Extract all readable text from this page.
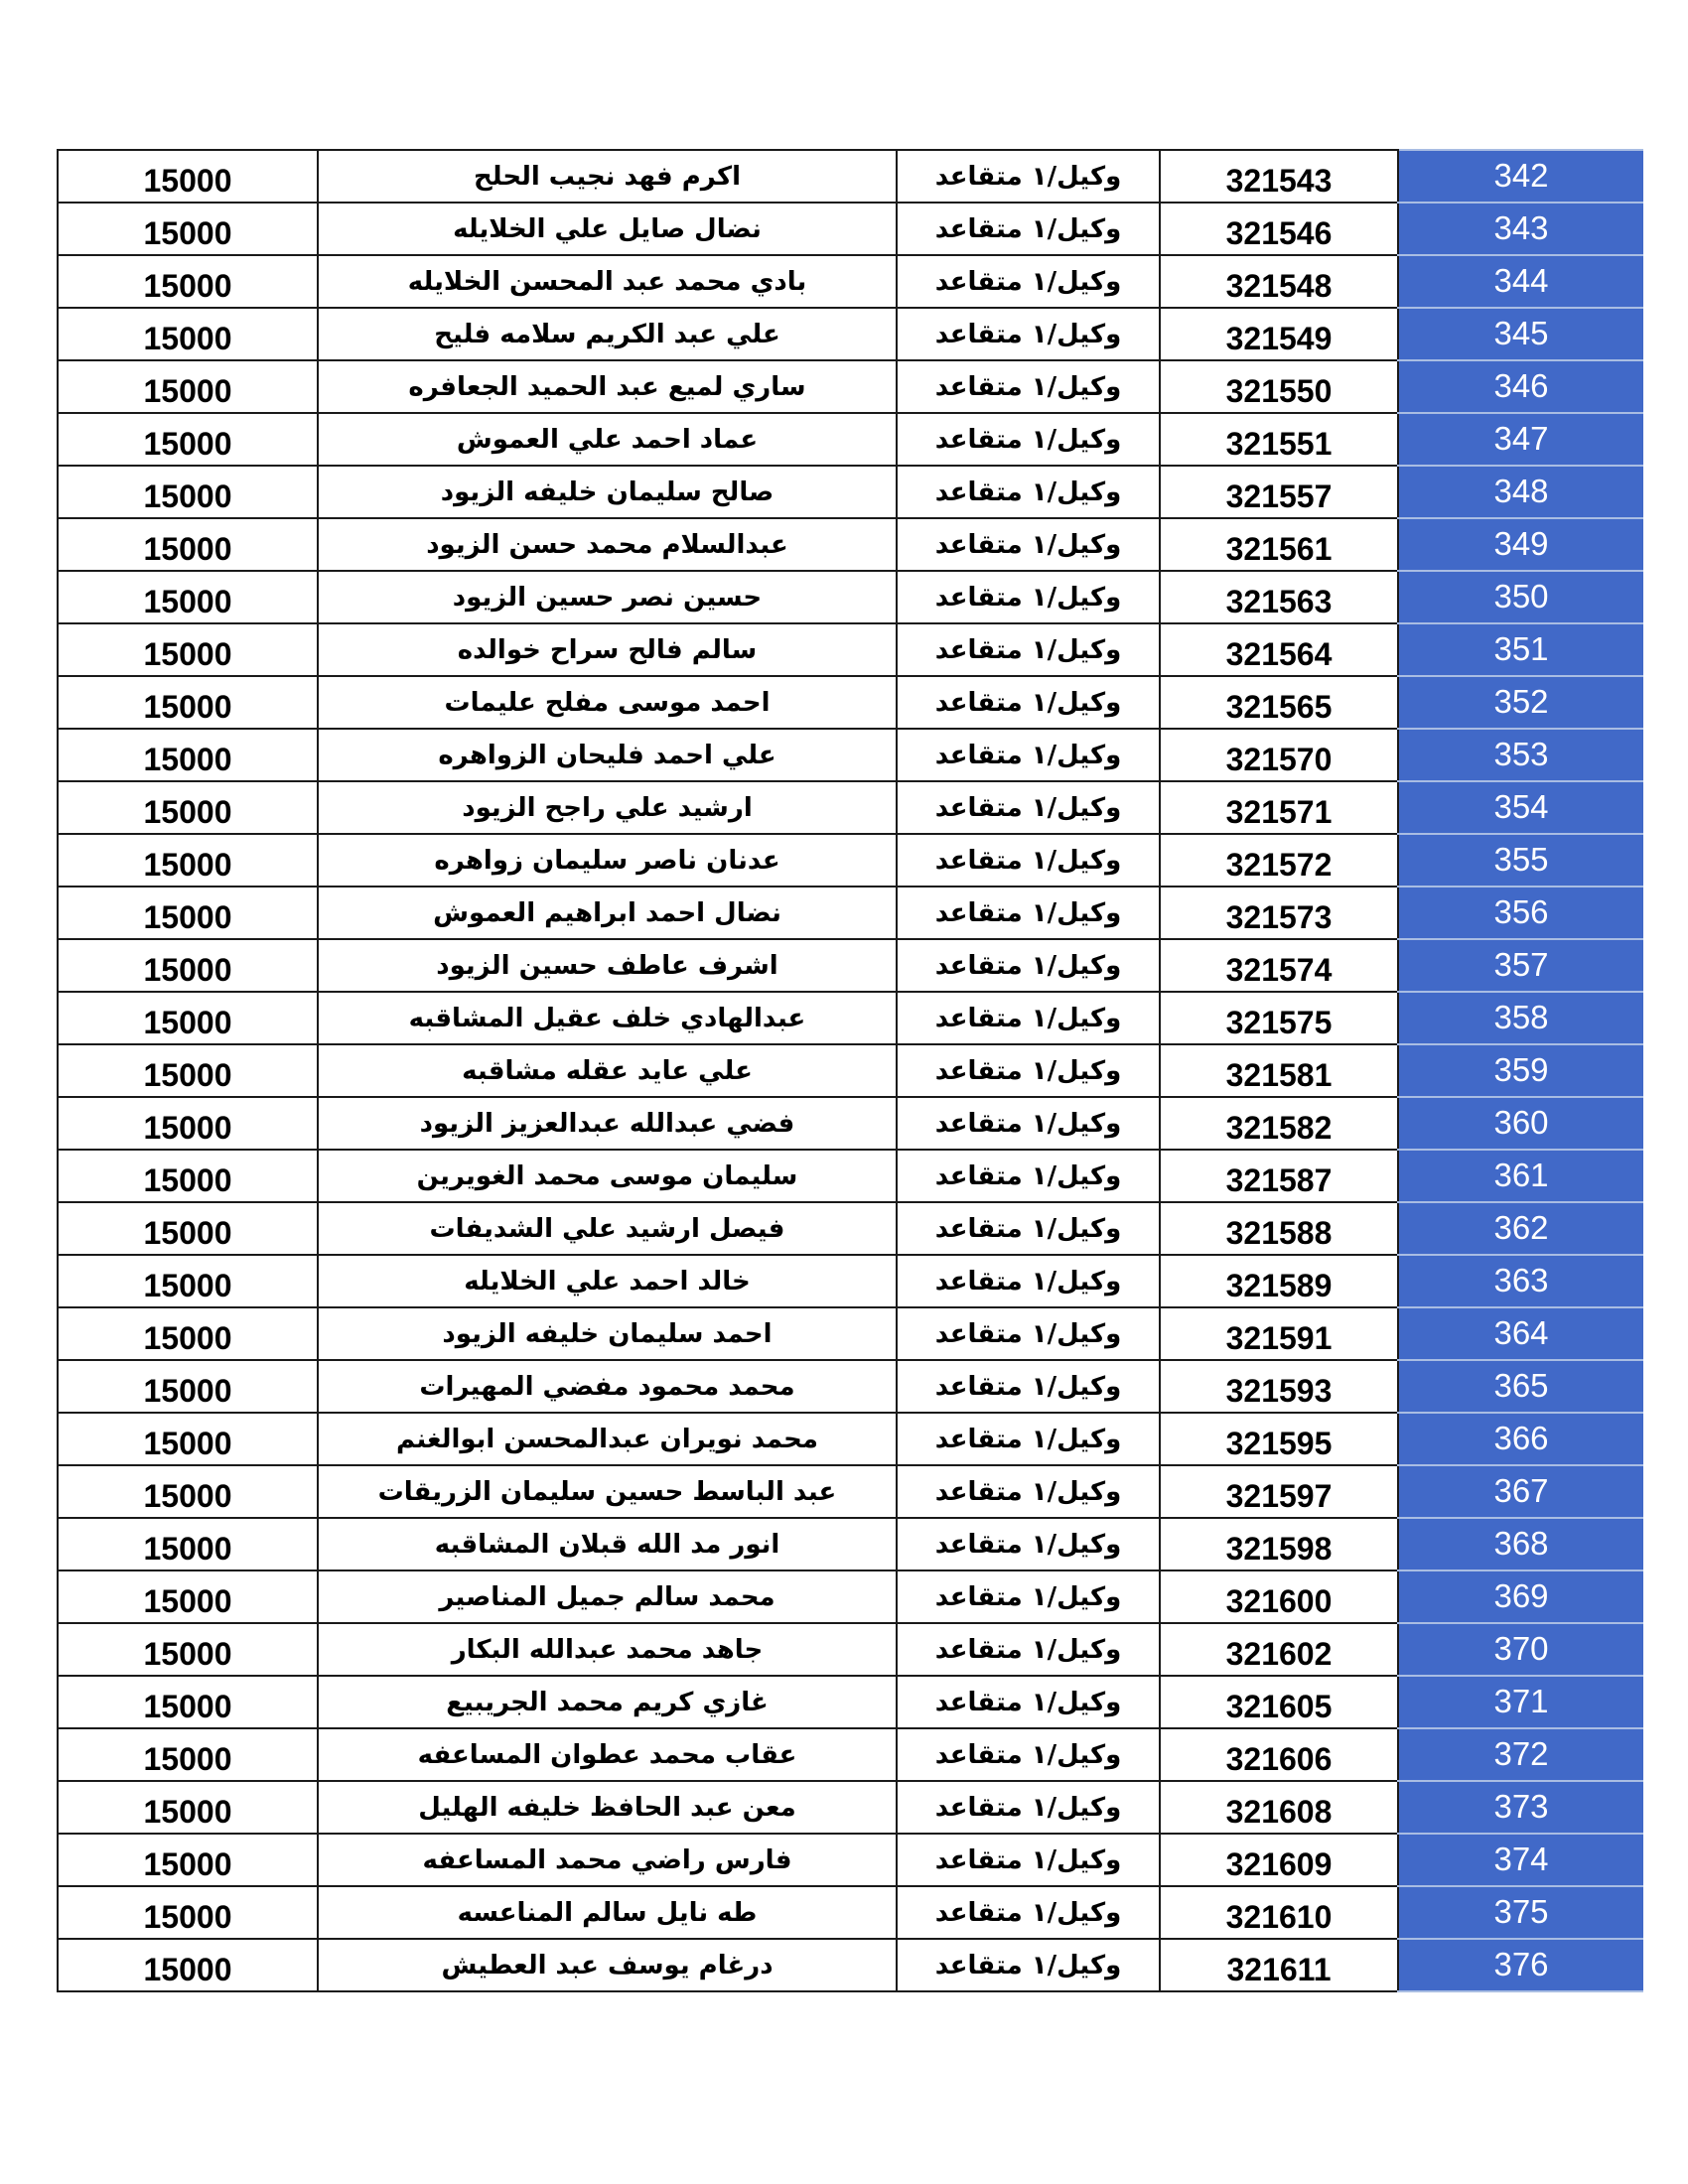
342	321543	وكيل/١ متقاعد	اكرم فهد نجيب الحلح	15000
343	321546	وكيل/١ متقاعد	نضال صايل علي الخلايله	15000
344	321548	وكيل/١ متقاعد	بادي محمد عبد المحسن الخلايله	15000
345	321549	وكيل/١ متقاعد	علي عبد الكريم سلامه فليح	15000
346	321550	وكيل/١ متقاعد	ساري لميع عبد الحميد الجعافره	15000
347	321551	وكيل/١ متقاعد	عماد احمد علي العموش	15000
348	321557	وكيل/١ متقاعد	صالح سليمان خليفه الزيود	15000
349	321561	وكيل/١ متقاعد	عبدالسلام محمد حسن الزيود	15000
350	321563	وكيل/١ متقاعد	حسين نصر حسين الزيود	15000
351	321564	وكيل/١ متقاعد	سالم فالح سراح خوالده	15000
352	321565	وكيل/١ متقاعد	احمد موسى مفلح عليمات	15000
353	321570	وكيل/١ متقاعد	علي احمد فليحان الزواهره	15000
354	321571	وكيل/١ متقاعد	ارشيد علي راجح الزيود	15000
355	321572	وكيل/١ متقاعد	عدنان ناصر سليمان زواهره	15000
356	321573	وكيل/١ متقاعد	نضال احمد ابراهيم العموش	15000
357	321574	وكيل/١ متقاعد	اشرف عاطف حسين الزيود	15000
358	321575	وكيل/١ متقاعد	عبدالهادي خلف عقيل المشاقبه	15000
359	321581	وكيل/١ متقاعد	علي عايد عقله مشاقبه	15000
360	321582	وكيل/١ متقاعد	فضي عبدالله عبدالعزيز الزيود	15000
361	321587	وكيل/١ متقاعد	سليمان موسى محمد الغويرين	15000
362	321588	وكيل/١ متقاعد	فيصل ارشيد علي الشديفات	15000
363	321589	وكيل/١ متقاعد	خالد احمد علي الخلايله	15000
364	321591	وكيل/١ متقاعد	احمد سليمان خليفه الزيود	15000
365	321593	وكيل/١ متقاعد	محمد محمود مفضي المهيرات	15000
366	321595	وكيل/١ متقاعد	محمد نويران عبدالمحسن ابوالغنم	15000
367	321597	وكيل/١ متقاعد	عبد الباسط حسين سليمان الزريقات	15000
368	321598	وكيل/١ متقاعد	انور مد الله قبلان المشاقبه	15000
369	321600	وكيل/١ متقاعد	محمد سالم جميل المناصير	15000
370	321602	وكيل/١ متقاعد	جاهد محمد عبدالله البكار	15000
371	321605	وكيل/١ متقاعد	غازي كريم محمد الجريبيع	15000
372	321606	وكيل/١ متقاعد	عقاب محمد عطوان المساعفه	15000
373	321608	وكيل/١ متقاعد	معن عبد الحافظ خليفه الهليل	15000
374	321609	وكيل/١ متقاعد	فارس راضي محمد المساعفه	15000
375	321610	وكيل/١ متقاعد	طه نايل سالم المناعسه	15000
376	321611	وكيل/١ متقاعد	درغام يوسف عبد العطيش	15000
